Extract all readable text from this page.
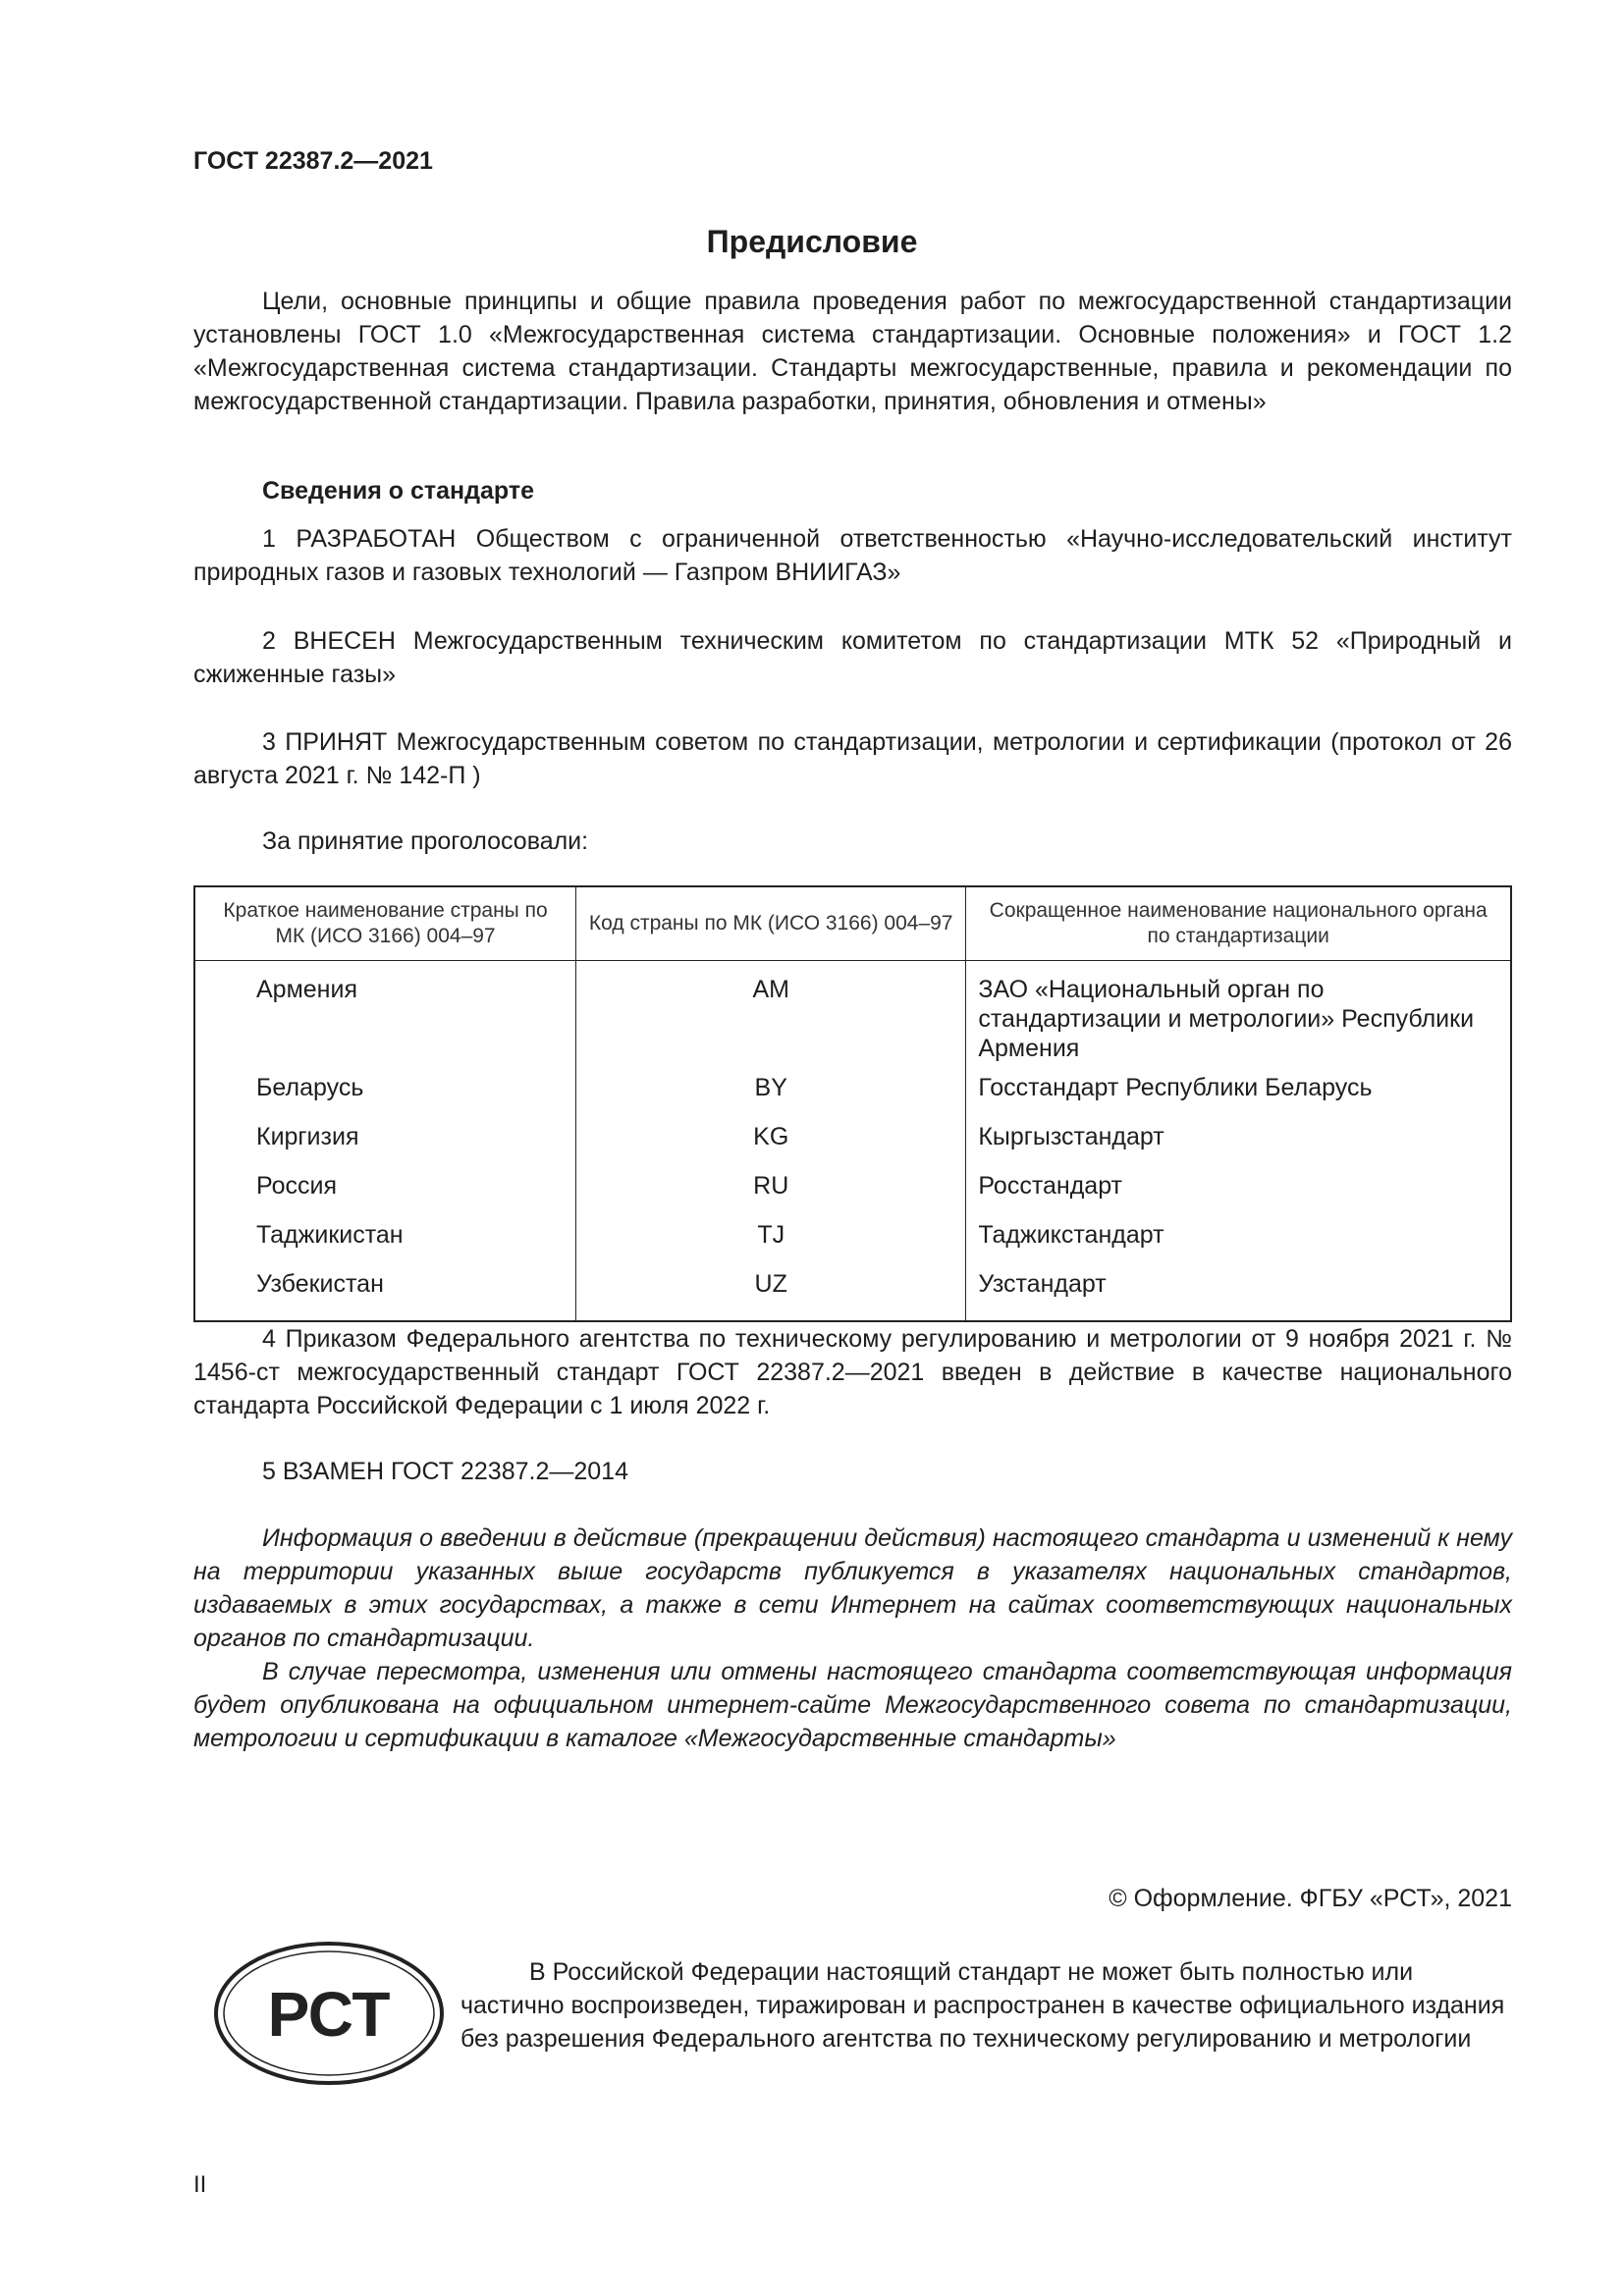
ГОСТ 22387.2—2021
Предисловие

Цели, основные принципы и общие правила проведения работ по межгосударственной стандартизации установлены ГОСТ 1.0 «Межгосударственная система стандартизации. Основные положения» и ГОСТ 1.2 «Межгосударственная система стандартизации. Стандарты межгосударственные, правила и рекомендации по межгосударственной стандартизации. Правила разработки, принятия, обновления и отмены»

Сведения о стандарте

1 РАЗРАБОТАН Обществом с ограниченной ответственностью «Научно-исследовательский институт природных газов и газовых технологий — Газпром ВНИИГАЗ»

2 ВНЕСЕН Межгосударственным техническим комитетом по стандартизации МТК 52 «Природный и сжиженные газы»

3 ПРИНЯТ Межгосударственным советом по стандартизации, метрологии и сертификации (протокол от 26 августа 2021 г. № 142-П )

За принятие проголосовали:

Краткое наименование страны по МК (ИСО 3166) 004–97	Код страны по МК (ИСО 3166) 004–97	Сокращенное наименование национального органа по стандартизации
Армения	AM	ЗАО «Национальный орган по стандартизации и метрологии» Республики Армения
Беларусь	BY	Госстандарт Республики Беларусь
Киргизия	KG	Кыргызстандарт
Россия	RU	Росстандарт
Таджикистан	TJ	Таджикстандарт
Узбекистан	UZ	Узстандарт

4 Приказом Федерального агентства по техническому регулированию и метрологии от 9 ноября 2021 г. № 1456-ст межгосударственный стандарт ГОСТ 22387.2—2021 введен в действие в качестве национального стандарта Российской Федерации с 1 июля 2022 г.

5 ВЗАМЕН ГОСТ 22387.2—2014

Информация о введении в действие (прекращении действия) настоящего стандарта и изменений к нему на территории указанных выше государств публикуется в указателях национальных стандартов, издаваемых в этих государствах, а также в сети Интернет на сайтах соответствующих национальных органов по стандартизации.

В случае пересмотра, изменения или отмены настоящего стандарта соответствующая информация будет опубликована на официальном интернет-сайте Межгосударственного совета по стандартизации, метрологии и сертификации в каталоге «Межгосударственные стандарты»

© Оформление. ФГБУ «РСТ», 2021
РСТ

В Российской Федерации настоящий стандарт не может быть полностью или частично воспроизведен, тиражирован и распространен в качестве официального издания без разрешения Федерального агентства по техническому регулированию и метрологии

II
